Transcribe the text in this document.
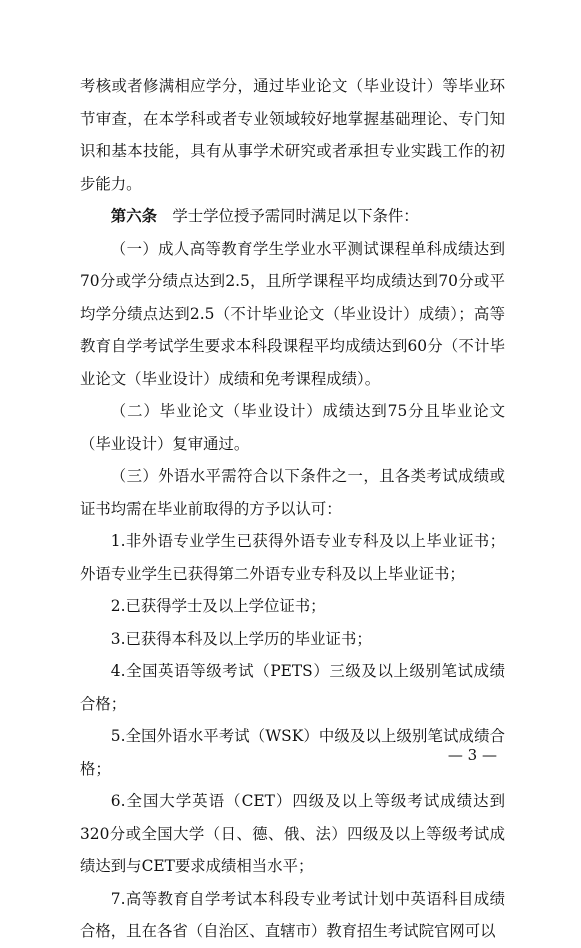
考核或者修满相应学分，通过毕业论文（毕业设计）等毕业环节审查，在本学科或者专业领域较好地掌握基础理论、专门知识和基本技能，具有从事学术研究或者承担专业实践工作的初步能力。

第六条　 学士学位授予需同时满足以下条件：

（一）成人高等教育学生学业水平测试课程单科成绩达到70分或学分绩点达到2.5，且所学课程平均成绩达到70分或平均学分绩点达到2.5（不计毕业论文（毕业设计）成绩）；高等教育自学考试学生要求本科段课程平均成绩达到60分（不计毕业论文（毕业设计）成绩和免考课程成绩）。

（二）毕业论文（毕业设计）成绩达到75分且毕业论文（毕业设计）复审通过。

（三）外语水平需符合以下条件之一，且各类考试成绩或证书均需在毕业前取得的方予以认可：

1.非外语专业学生已获得外语专业专科及以上毕业证书；外语专业学生已获得第二外语专业专科及以上毕业证书；

2.已获得学士及以上学位证书；

3.已获得本科及以上学历的毕业证书；

4.全国英语等级考试（PETS）三级及以上级别笔试成绩合格；

5.全国外语水平考试（WSK）中级及以上级别笔试成绩合格；

6.全国大学英语（CET）四级及以上等级考试成绩达到320分或全国大学（日、德、俄、法）四级及以上等级考试成绩达到与CET要求成绩相当水平；

7.高等教育自学考试本科段专业考试计划中英语科目成绩合格，且在各省（自治区、直辖市）教育招生考试院官网可以

— 3 —
